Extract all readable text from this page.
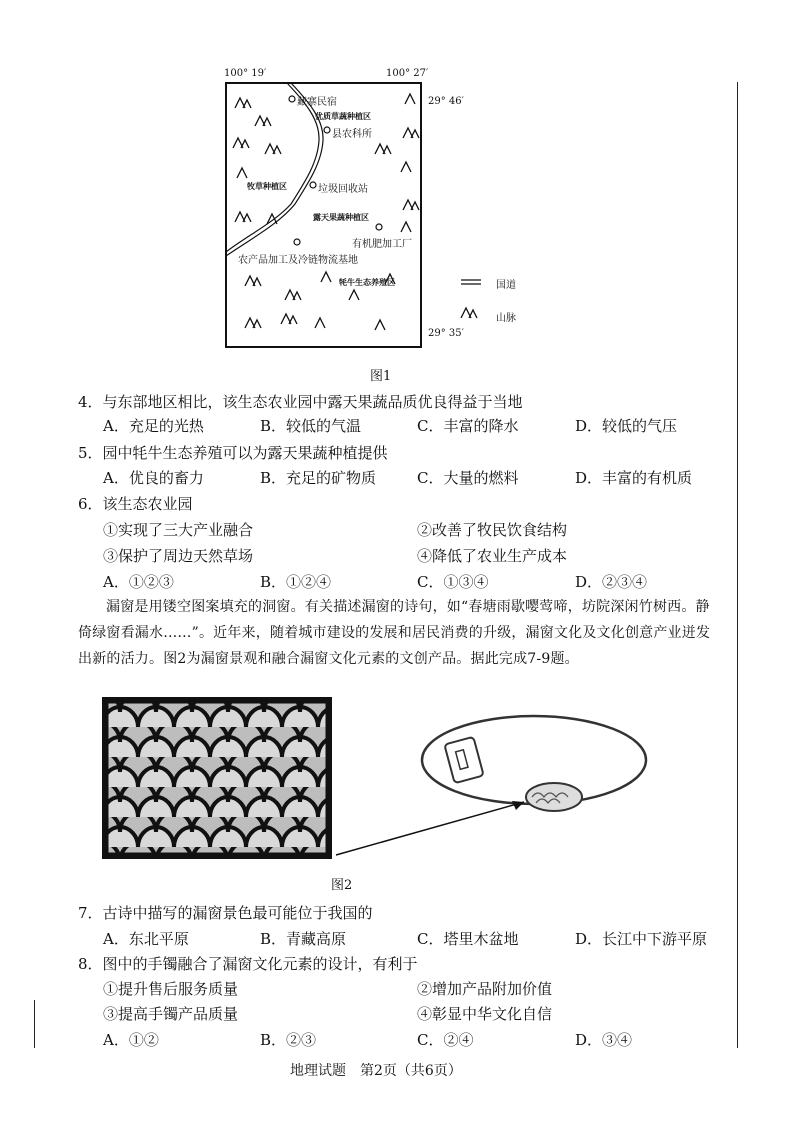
100° 19′	100° 27′
29° 46′
29° 35′
藏寨民宿
优质草蔬种植区
县农科所
牧草种植区	垃圾回收站
露天果蔬种植区
有机肥加工厂
农产品加工及冷链物流基地
牦牛生态养殖区	国道
山脉
图1
4．与东部地区相比，该生态农业园中露天果蔬品质优良得益于当地
A．充足的光热	B．较低的气温	C．丰富的降水	D．较低的气压
5．园中牦牛生态养殖可以为露天果蔬种植提供
A．优良的畜力	B．充足的矿物质	C．大量的燃料	D．丰富的有机质
6．该生态农业园
①实现了三大产业融合	②改善了牧民饮食结构
③保护了周边天然草场	④降低了农业生产成本
A．①②③	B．①②④	C．①③④	D．②③④
漏窗是用镂空图案填充的洞窗。有关描述漏窗的诗句，如“春塘雨歇嘤莺啼，坊院深闲竹树西。静倚绿窗看漏水……”。近年来，随着城市建设的发展和居民消费的升级，漏窗文化及文化创意产业迸发出新的活力。图2为漏窗景观和融合漏窗文化元素的文创产品。据此完成7-9题。
图2
7．古诗中描写的漏窗景色最可能位于我国的
A．东北平原	B．青藏高原	C．塔里木盆地	D．长江中下游平原
8．图中的手镯融合了漏窗文化元素的设计，有利于
①提升售后服务质量	②增加产品附加价值
③提高手镯产品质量	④彰显中华文化自信
A．①②	B．②③	C．②④	D．③④
地理试题　第2页（共6页）
